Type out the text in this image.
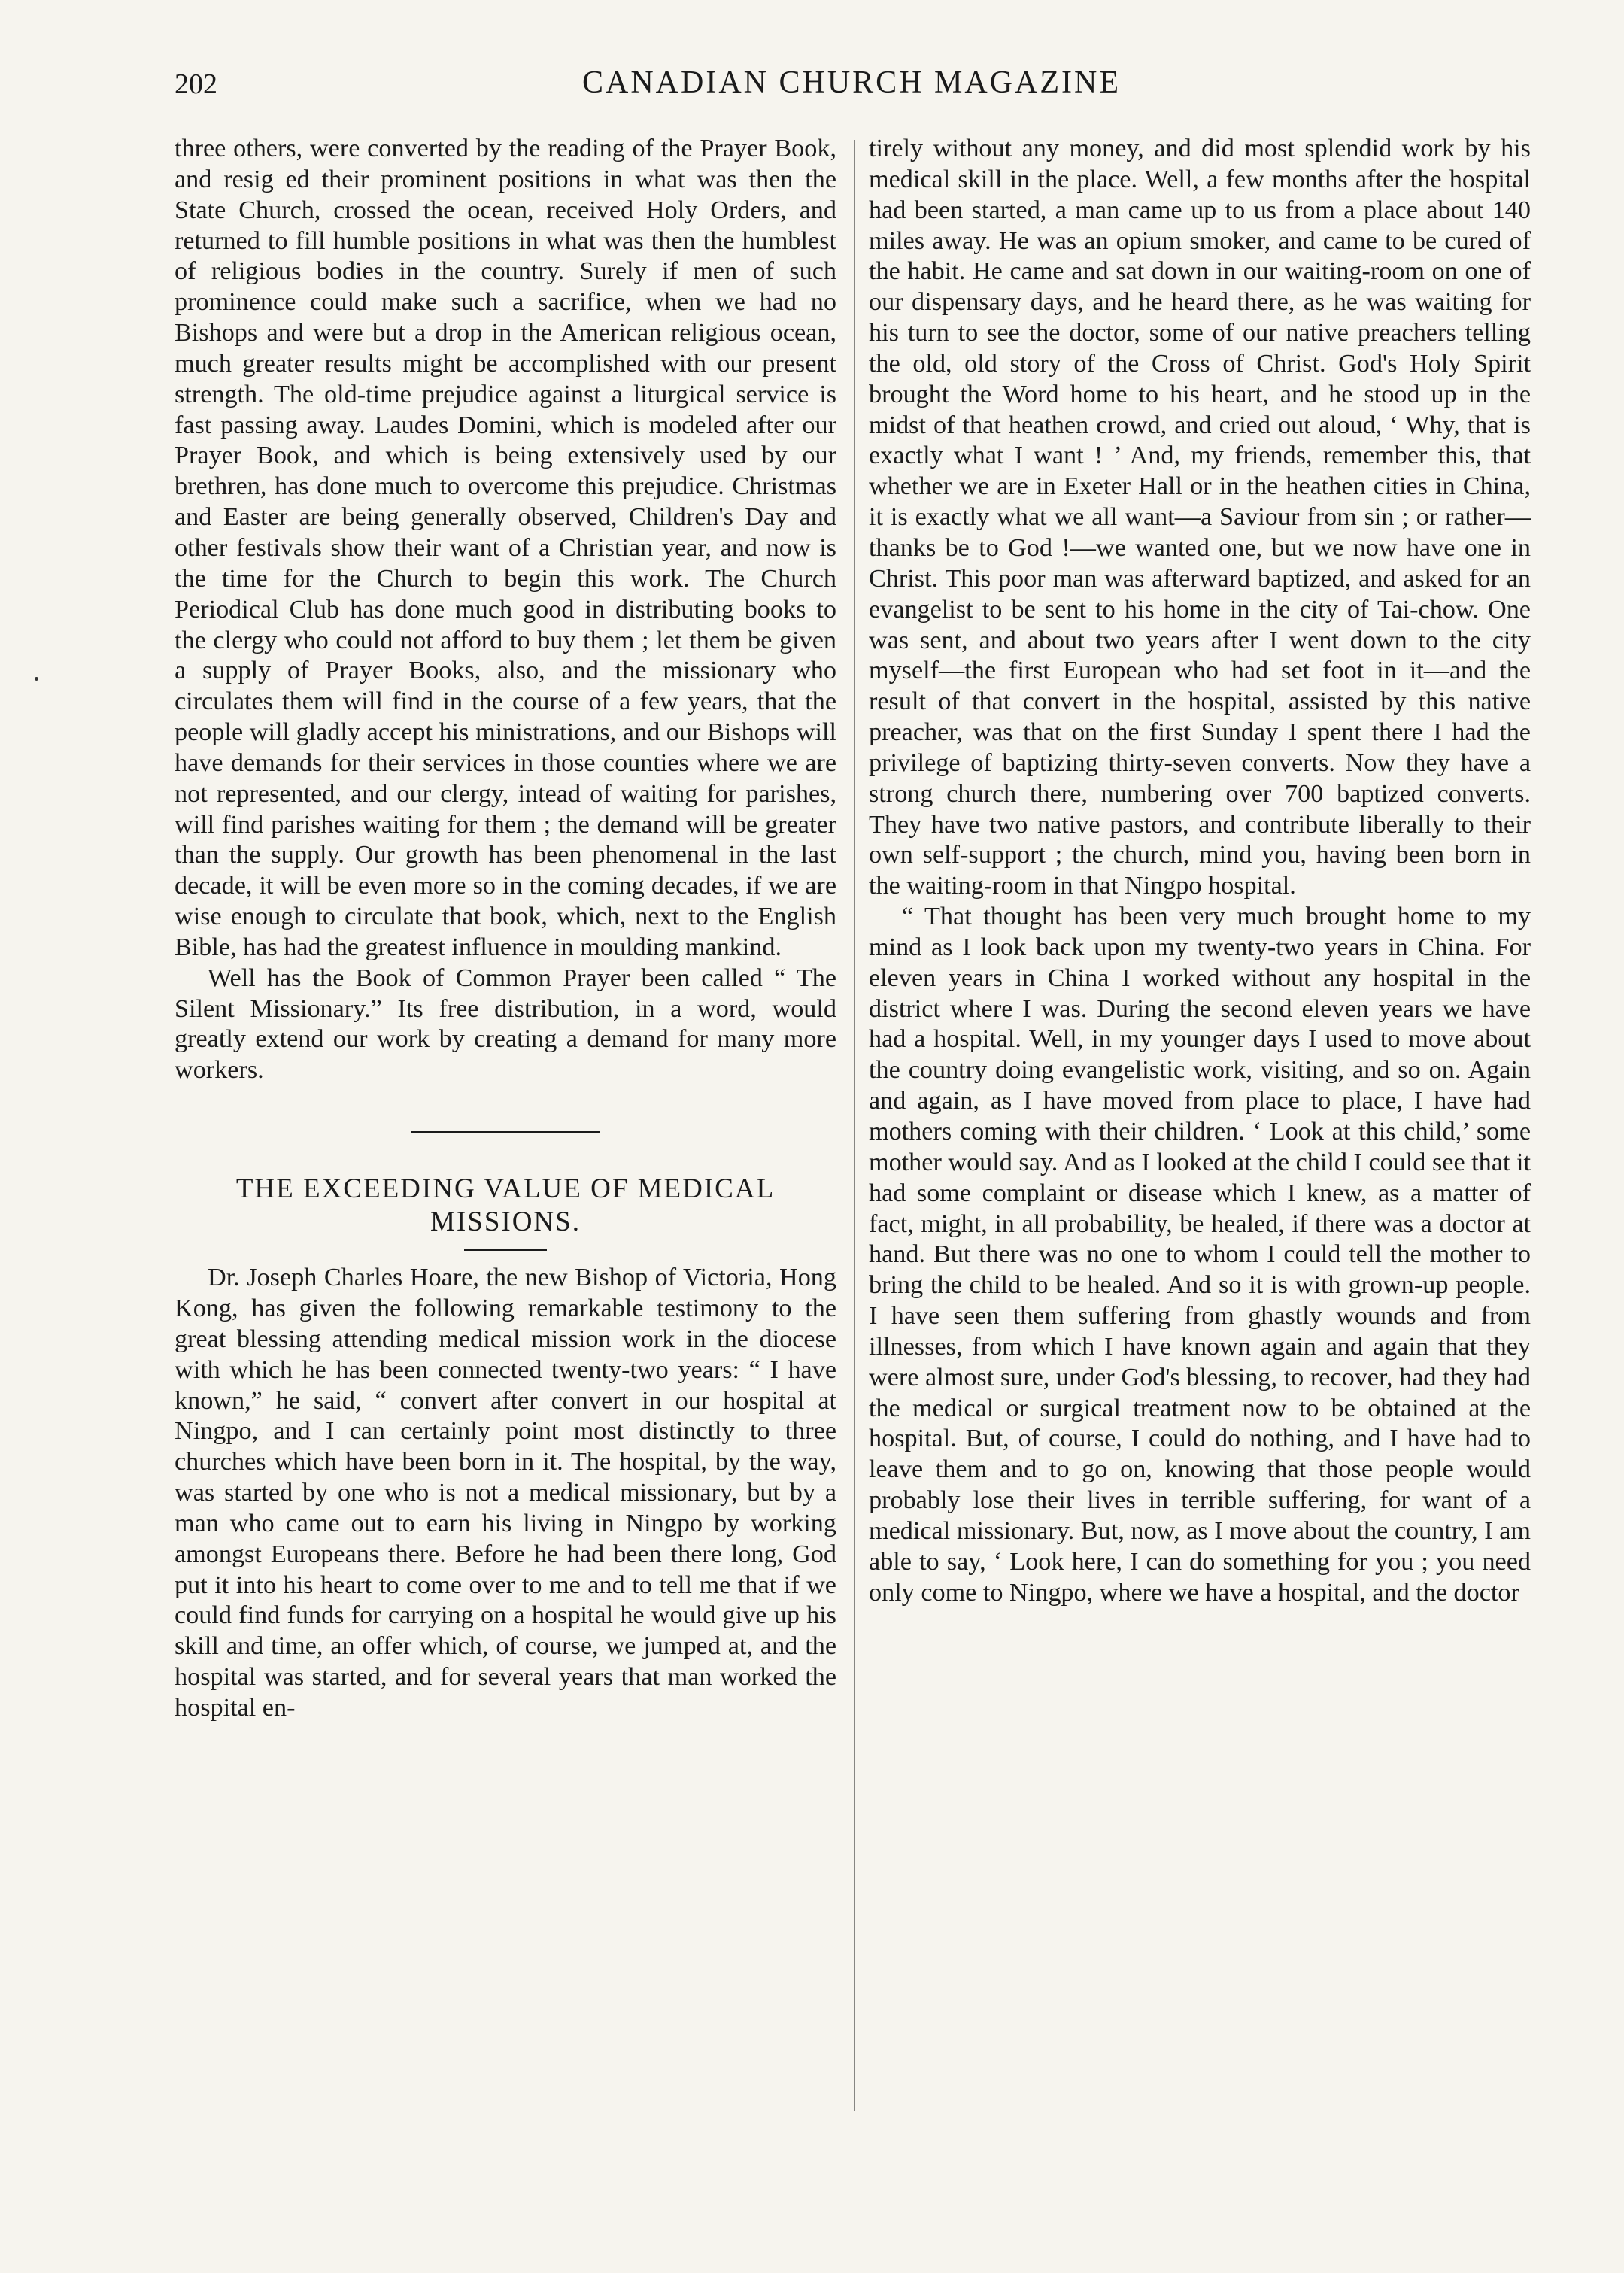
202	CANADIAN CHURCH MAGAZINE

three others, were converted by the reading of the Prayer Book, and resig ed their prominent positions in what was then the State Church, crossed the ocean, received Holy Orders, and returned to fill humble positions in what was then the humblest of religious bodies in the country. Surely if men of such prominence could make such a sacrifice, when we had no Bishops and were but a drop in the American religious ocean, much greater results might be accomplished with our present strength. The old-time prejudice against a liturgical service is fast passing away. Laudes Domini, which is modeled after our Prayer Book, and which is being extensively used by our brethren, has done much to overcome this prejudice. Christmas and Easter are being generally observed, Children's Day and other festivals show their want of a Christian year, and now is the time for the Church to begin this work. The Church Periodical Club has done much good in distributing books to the clergy who could not afford to buy them ; let them be given a supply of Prayer Books, also, and the missionary who circulates them will find in the course of a few years, that the people will gladly accept his ministrations, and our Bishops will have demands for their services in those counties where we are not represented, and our clergy, intead of waiting for parishes, will find parishes waiting for them ; the demand will be greater than the supply. Our growth has been phenomenal in the last decade, it will be even more so in the coming decades, if we are wise enough to circulate that book, which, next to the English Bible, has had the greatest influence in moulding mankind.

Well has the Book of Common Prayer been called “ The Silent Missionary.” Its free distribution, in a word, would greatly extend our work by creating a demand for many more workers.

THE EXCEEDING VALUE OF MEDICAL MISSIONS.

Dr. Joseph Charles Hoare, the new Bishop of Victoria, Hong Kong, has given the following remarkable testimony to the great blessing attending medical mission work in the diocese with which he has been connected twenty-two years: “ I have known,” he said, “ convert after convert in our hospital at Ningpo, and I can certainly point most distinctly to three churches which have been born in it. The hospital, by the way, was started by one who is not a medical missionary, but by a man who came out to earn his living in Ningpo by working amongst Europeans there. Before he had been there long, God put it into his heart to come over to me and to tell me that if we could find funds for carrying on a hospital he would give up his skill and time, an offer which, of course, we jumped at, and the hospital was started, and for several years that man worked the hospital en-

tirely without any money, and did most splendid work by his medical skill in the place. Well, a few months after the hospital had been started, a man came up to us from a place about 140 miles away. He was an opium smoker, and came to be cured of the habit. He came and sat down in our waiting-room on one of our dispensary days, and he heard there, as he was waiting for his turn to see the doctor, some of our native preachers telling the old, old story of the Cross of Christ. God's Holy Spirit brought the Word home to his heart, and he stood up in the midst of that heathen crowd, and cried out aloud, ‘ Why, that is exactly what I want ! ’ And, my friends, remember this, that whether we are in Exeter Hall or in the heathen cities in China, it is exactly what we all want—a Saviour from sin ; or rather—thanks be to God !—we wanted one, but we now have one in Christ. This poor man was afterward baptized, and asked for an evangelist to be sent to his home in the city of Tai-chow. One was sent, and about two years after I went down to the city myself—the first European who had set foot in it—and the result of that convert in the hospital, assisted by this native preacher, was that on the first Sunday I spent there I had the privilege of baptizing thirty-seven converts. Now they have a strong church there, numbering over 700 baptized converts. They have two native pastors, and contribute liberally to their own self-support ; the church, mind you, having been born in the waiting-room in that Ningpo hospital.

“ That thought has been very much brought home to my mind as I look back upon my twenty-two years in China. For eleven years in China I worked without any hospital in the district where I was. During the second eleven years we have had a hospital. Well, in my younger days I used to move about the country doing evangelistic work, visiting, and so on. Again and again, as I have moved from place to place, I have had mothers coming with their children. ‘ Look at this child,’ some mother would say. And as I looked at the child I could see that it had some complaint or disease which I knew, as a matter of fact, might, in all probability, be healed, if there was a doctor at hand. But there was no one to whom I could tell the mother to bring the child to be healed. And so it is with grown-up people. I have seen them suffering from ghastly wounds and from illnesses, from which I have known again and again that they were almost sure, under God's blessing, to recover, had they had the medical or surgical treatment now to be obtained at the hospital. But, of course, I could do nothing, and I have had to leave them and to go on, knowing that those people would probably lose their lives in terrible suffering, for want of a medical missionary. But, now, as I move about the country, I am able to say, ‘ Look here, I can do something for you ; you need only come to Ningpo, where we have a hospital, and the doctor
